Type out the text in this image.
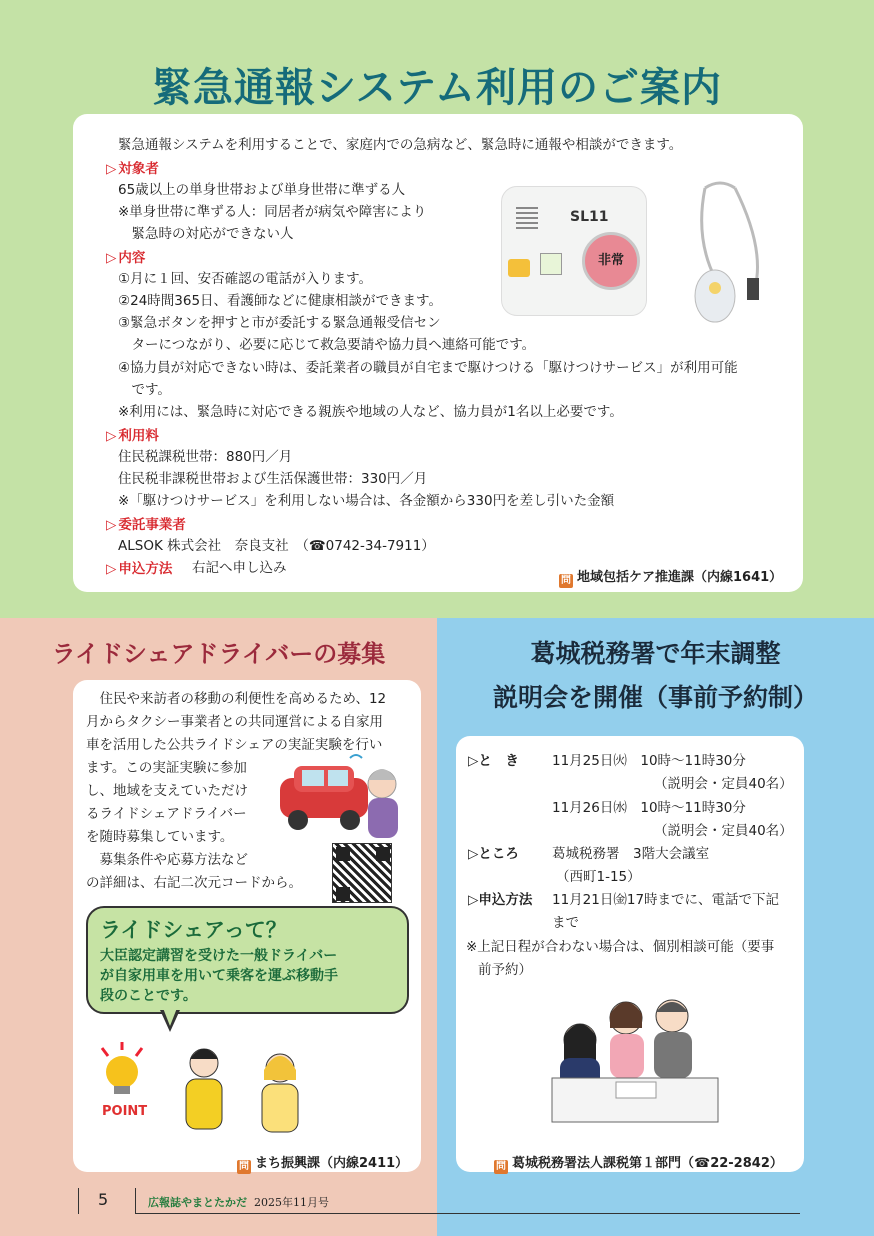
緊急通報システム利用のご案内
緊急通報システムを利用することで、家庭内での急病など、緊急時に通報や相談ができます。
▷ 対象者
65歳以上の単身世帯および単身世帯に準ずる人
※単身世帯に準ずる人：同居者が病気や障害により
　緊急時の対応ができない人
▷ 内容
①月に１回、安否確認の電話が入ります。
②24時間365日、看護師などに健康相談ができます。
③緊急ボタンを押すと市が委託する緊急通報受信セン
　ターにつながり、必要に応じて救急要請や協力員へ連絡可能です。
④協力員が対応できない時は、委託業者の職員が自宅まで駆けつける「駆けつけサービス」が利用可能
　です。
※利用には、緊急時に対応できる親族や地域の人など、協力員が1名以上必要です。
▷ 利用料
住民税課税世帯：880円／月
住民税非課税世帯および生活保護世帯：330円／月
※「駆けつけサービス」を利用しない場合は、各金額から330円を差し引いた金額
▷ 委託事業者
ALSOK 株式会社　奈良支社　（☎0742-34-7911）
▷ 申込方法 右記へ申し込み
問 地域包括ケア推進課（内線1641）
SL11
非常
ライドシェアドライバーの募集
　住民や来訪者の移動の利便性を高めるため、12
月からタクシー事業者との共同運営による自家用
車を活用した公共ライドシェアの実証実験を行い
ます。この実証実験に参加
し、地域を支えていただけ
るライドシェアドライバー
を随時募集しています。
　募集条件や応募方法など
の詳細は、右記二次元コードから。
ライドシェアって？
大臣認定講習を受けた一般ドライバー
が自家用車を用いて乗客を運ぶ移動手
段のことです。
POINT
問 まち振興課（内線2411）
葛城税務署で年末調整
説明会を開催（事前予約制）
▷と　き 11月25日㈫　10時～11時30分
（説明会・定員40名）
11月26日㈬　10時～11時30分
（説明会・定員40名）
▷ところ 葛城税務署　3階大会議室
（西町1-15）
▷申込方法 11月21日㈮17時までに、電話で下記
まで
※上記日程が合わない場合は、個別相談可能（要事
前予約）
問 葛城税務署法人課税第１部門（☎22-2842）
5	広報誌やまとたかだ 2025年11月号
